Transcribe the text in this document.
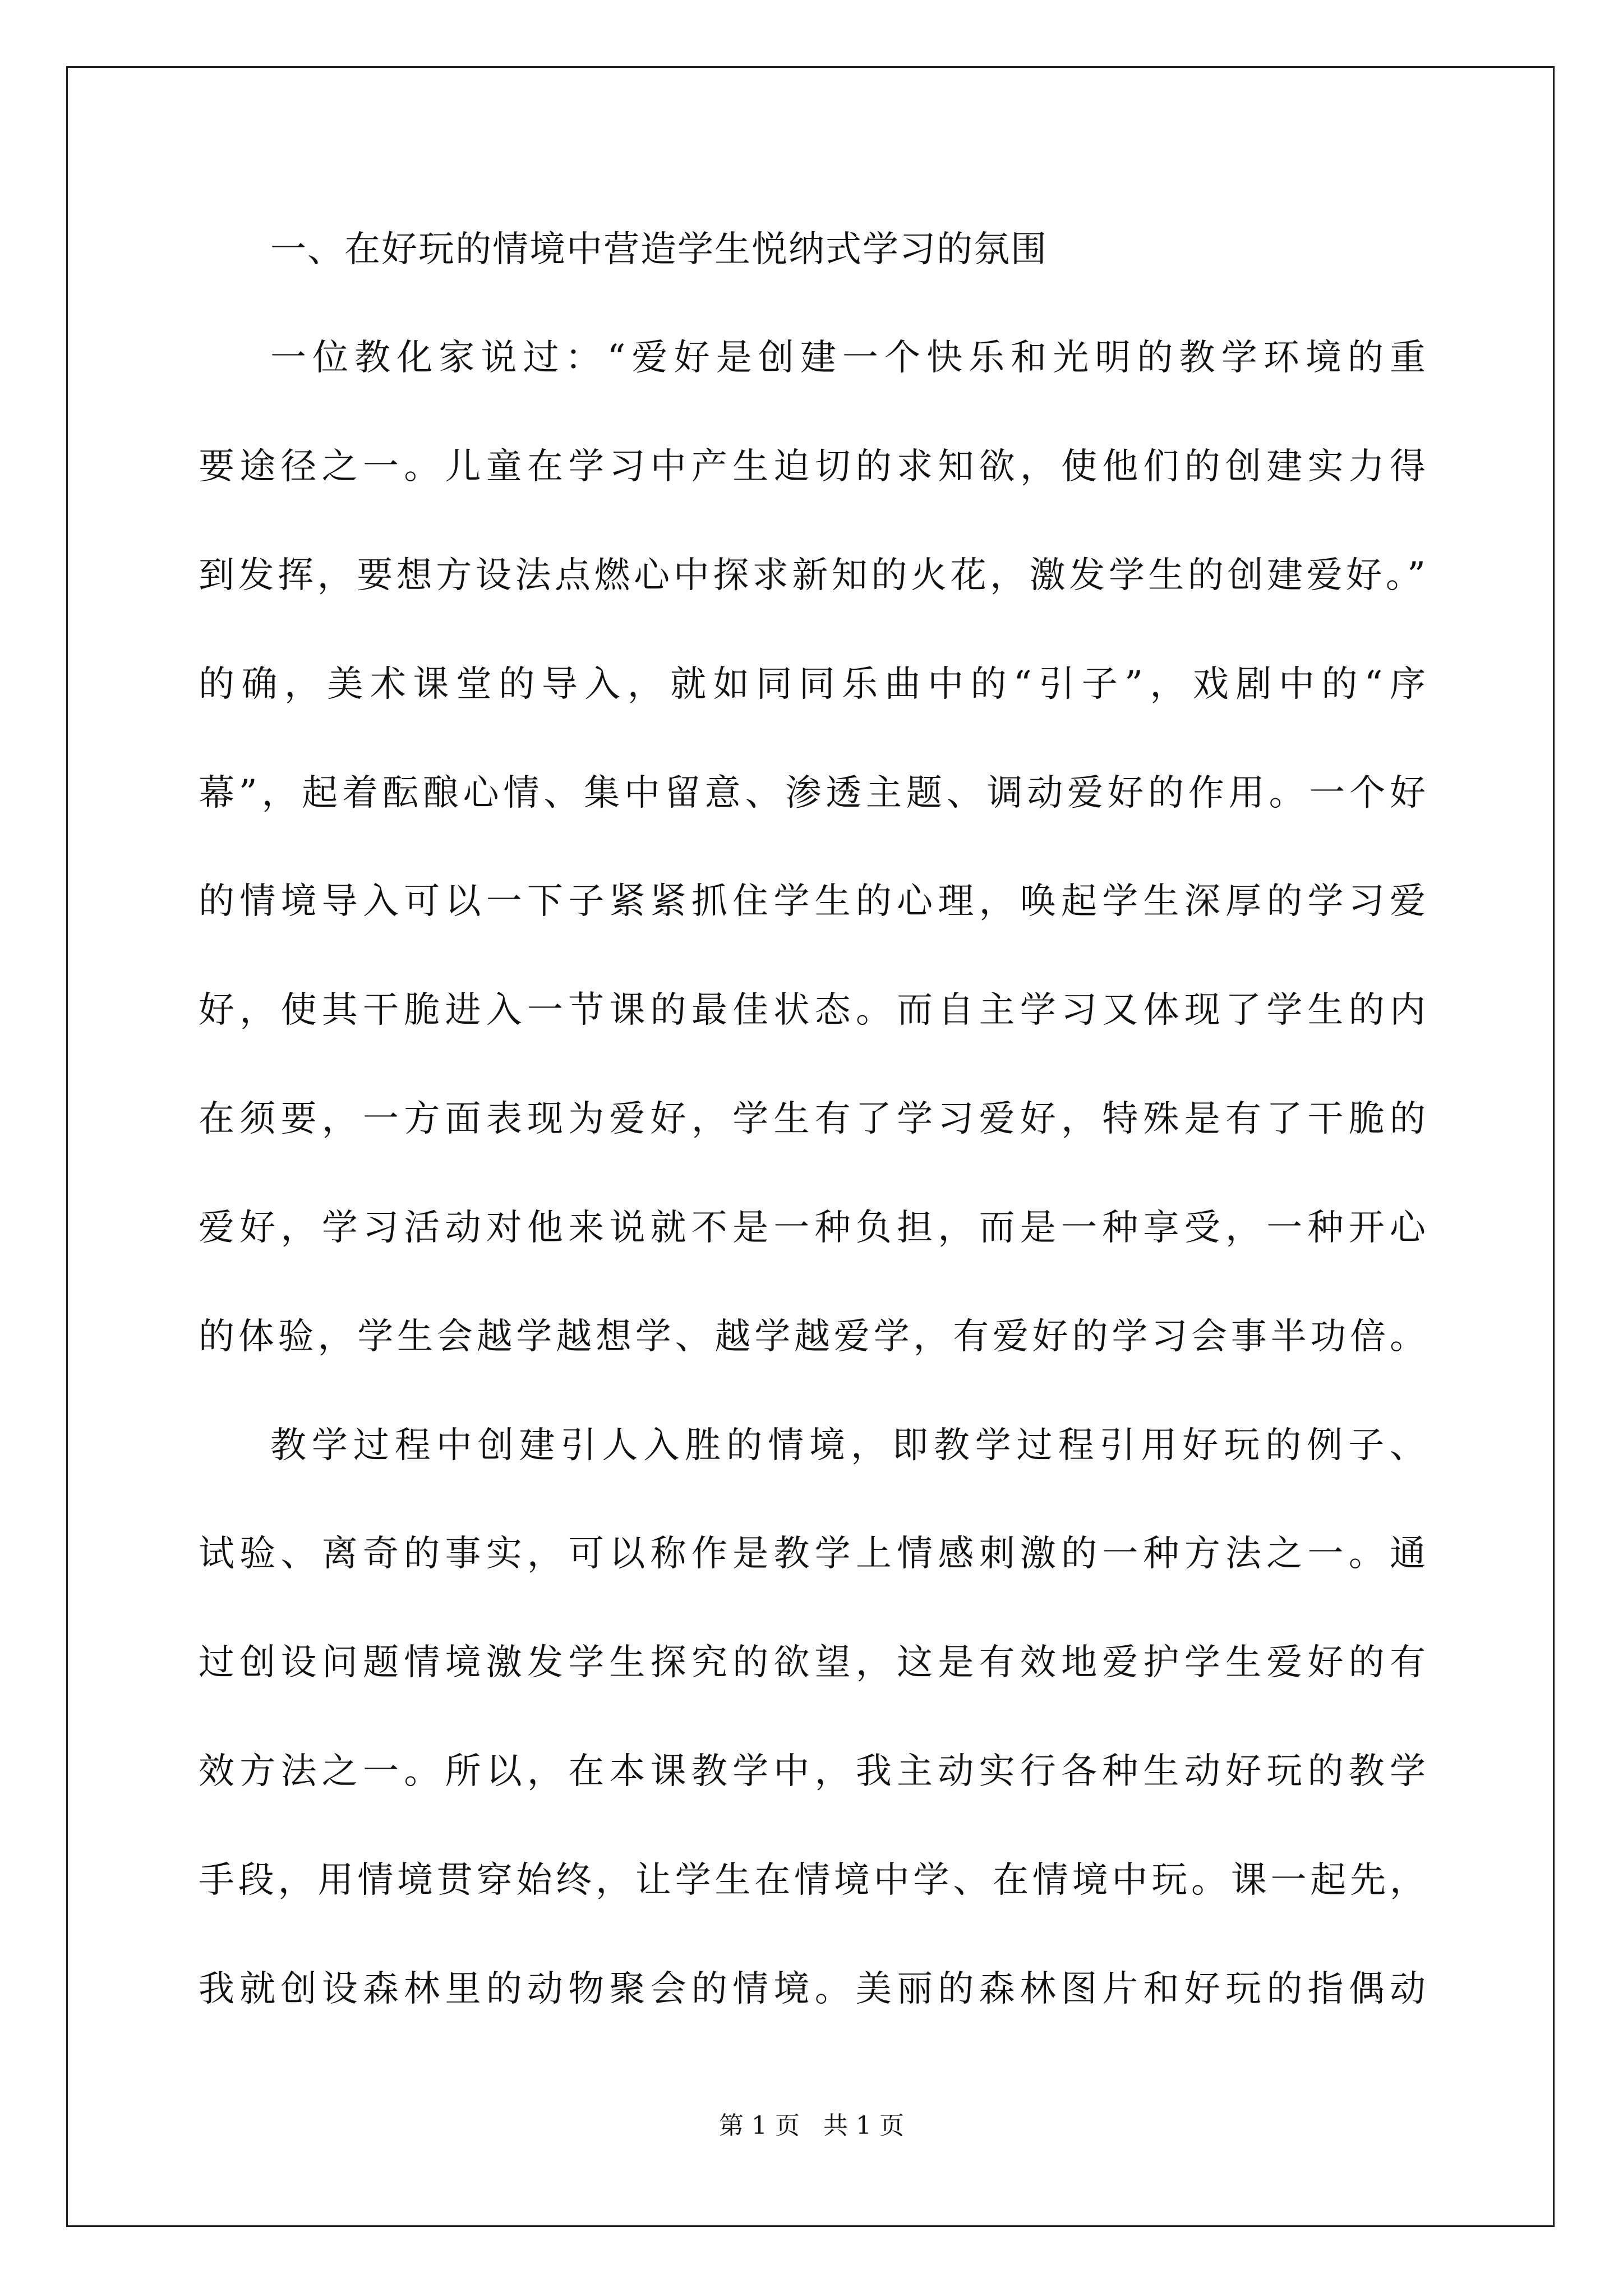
一、在好玩的情境中营造学生悦纳式学习的氛围
一位教化家说过：“爱好是创建一个快乐和光明的教学环境的重
要途径之一。儿童在学习中产生迫切的求知欲，使他们的创建实力得
到发挥，要想方设法点燃心中探求新知的火花，激发学生的创建爱好。”
的确，美术课堂的导入，就如同同乐曲中的“引子”，戏剧中的“序
幕”，起着酝酿心情、集中留意、渗透主题、调动爱好的作用。一个好
的情境导入可以一下子紧紧抓住学生的心理，唤起学生深厚的学习爱
好，使其干脆进入一节课的最佳状态。而自主学习又体现了学生的内
在须要，一方面表现为爱好，学生有了学习爱好，特殊是有了干脆的
爱好，学习活动对他来说就不是一种负担，而是一种享受，一种开心
的体验，学生会越学越想学、越学越爱学，有爱好的学习会事半功倍。
教学过程中创建引人入胜的情境，即教学过程引用好玩的例子、
试验、离奇的事实，可以称作是教学上情感刺激的一种方法之一。通
过创设问题情境激发学生探究的欲望，这是有效地爱护学生爱好的有
效方法之一。所以，在本课教学中，我主动实行各种生动好玩的教学
手段，用情境贯穿始终，让学生在情境中学、在情境中玩。课一起先，
我就创设森林里的动物聚会的情境。美丽的森林图片和好玩的指偶动
第 1 页   共 1 页
